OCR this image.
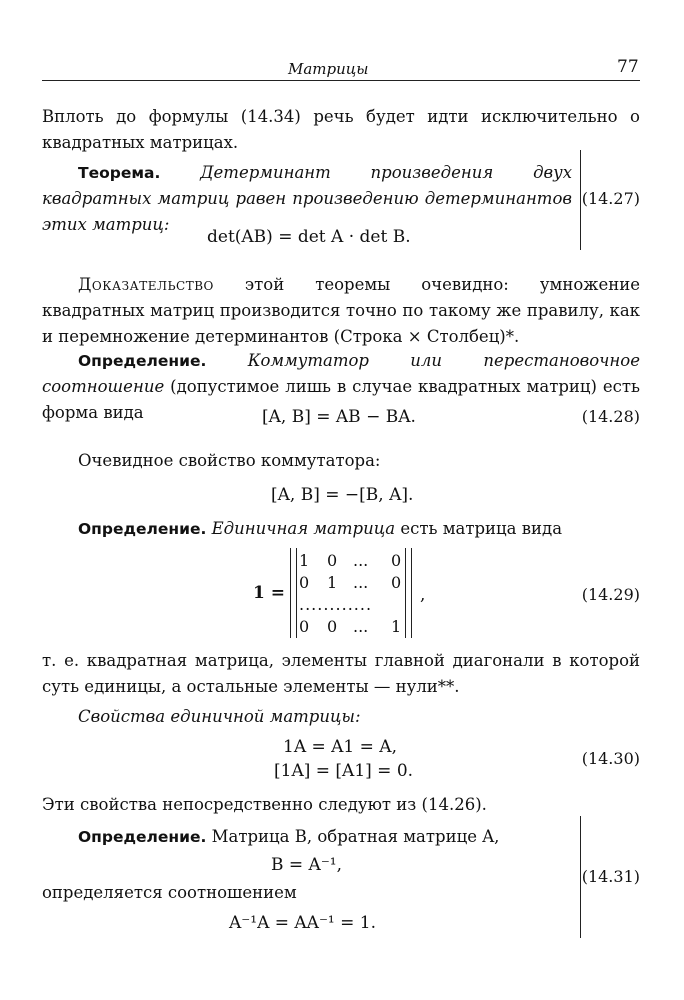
Матрицы	77
Вплоть до формулы (14.34) речь будет идти исключительно о квадратных матрицах.
Теорема. Детерминант произведения двух квадратных матриц равен произведению детерминантов этих матриц:
det(AB) = det A · det B.
(14.27)
Доказательство этой теоремы очевидно: умножение квадратных матриц производится точно по такому же правилу, как и перемножение детерминантов (Строка × Столбец)*.
Определение.	Коммутатор или перестановочное соотношение (допустимое лишь в случае квадратных матриц) есть форма вида	[A, B] = AB − BA.	(14.28)
Очевидное свойство коммутатора:
[A, B] = −[B, A].
Определение. Единичная матрица есть матрица вида
1 =
1 0 ... 0
0 1 ... 0
............
0 0 ... 1
,	(14.29)
т. е. квадратная матрица, элементы главной диагонали в которой суть единицы, а остальные элементы — нули**.
Свойства единичной матрицы:
1A = A1 = A,
[1A] = [A1] = 0.
(14.30)
Эти свойства непосредственно следуют из (14.26).
Определение. Матрица B, обратная матрице A,
B = A⁻¹,
определяется соотношением
A⁻¹A = AA⁻¹ = 1.
(14.31)
